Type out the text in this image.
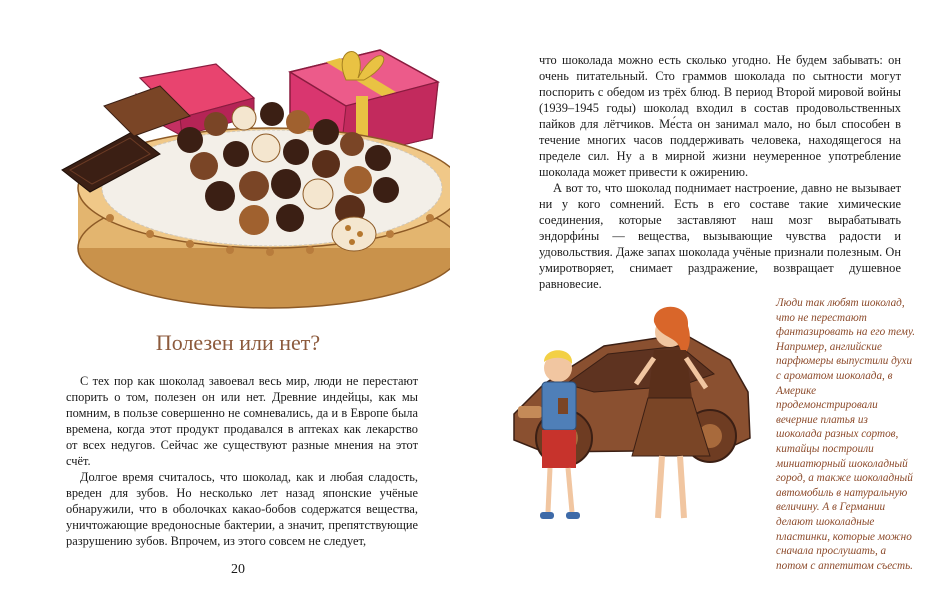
Полезен или нет?

С тех пор как шоколад завоевал весь мир, люди не перестают спорить о том, полезен он или нет. Древние индейцы, как мы помним, в пользе совершенно не сомневались, да и в Европе была времена, когда этот продукт продавался в аптеках как лекарство от всех недугов. Сейчас же существуют разные мнения на этот счёт.

Долгое время считалось, что шоколад, как и любая сладость, вреден для зубов. Но несколько лет назад японские учёные обнаружили, что в оболочках какао-бобов содержатся вещества, уничтожающие вредоносные бактерии, а значит, препятствующие разрушению зубов. Впрочем, из этого совсем не следует,

20

что шоколада можно есть сколько угодно. Не будем забывать: он очень питательный. Сто граммов шоколада по сытности могут поспорить с обедом из трёх блюд. В период Второй мировой войны (1939–1945 годы) шоколад входил в состав продовольственных пайков для лётчиков. Ме́ста он занимал мало, но был способен в течение многих часов поддерживать человека, находящегося на пределе сил. Ну а в мирной жизни неумеренное употребление шоколада может привести к ожирению.

А вот то, что шоколад поднимает настроение, давно не вызывает ни у кого сомнений. Есть в его составе такие химические соединения, которые заставляют наш мозг вырабатывать эндорфи́ны — вещества, вызывающие чувства радости и удовольствия. Даже запах шоколада учёные признали полезным. Он умиротворяет, снимает раздражение, возвращает душевное равновесие.

Люди так любят шоколад, что не перестают фантазировать на его тему. Например, английские парфюмеры выпустили духи с ароматом шоколада, в Америке продемонстрировали вечерние платья из шоколада разных сортов, китайцы построили миниатюрный шоколадный город, а также шоколадный автомобиль в натуральную величину. А в Германии делают шоколадные пластинки, которые можно сначала прослушать, а потом с аппетитом съесть.
